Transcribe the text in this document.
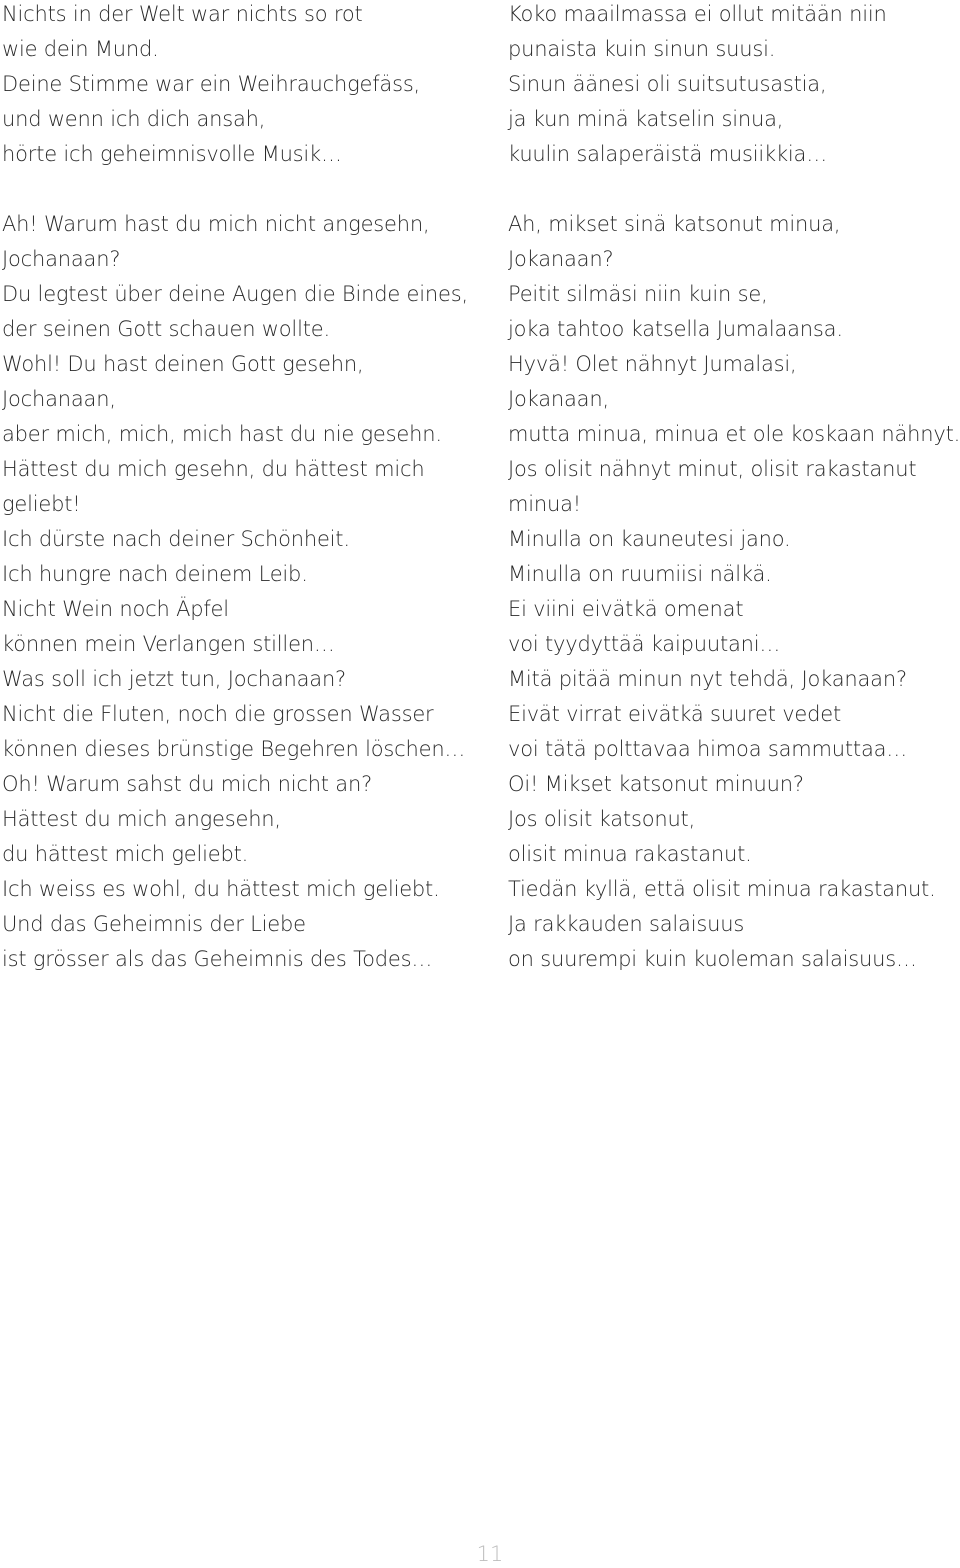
Nichts in der Welt war nichts so rot
wie dein Mund.
Deine Stimme war ein Weihrauchgefäss,
und wenn ich dich ansah,
hörte ich geheimnisvolle Musik…
Ah! Warum hast du mich nicht angesehn,
Jochanaan?
Du legtest über deine Augen die Binde eines,
der seinen Gott schauen wollte.
Wohl! Du hast deinen Gott gesehn,
Jochanaan,
aber mich, mich, mich hast du nie gesehn.
Hättest du mich gesehn, du hättest mich
geliebt!
Ich dürste nach deiner Schönheit.
Ich hungre nach deinem Leib.
Nicht Wein noch Äpfel
können mein Verlangen stillen…
Was soll ich jetzt tun, Jochanaan?
Nicht die Fluten, noch die grossen Wasser
können dieses brünstige Begehren löschen…
Oh! Warum sahst du mich nicht an?
Hättest du mich angesehn,
du hättest mich geliebt.
Ich weiss es wohl, du hättest mich geliebt.
Und das Geheimnis der Liebe
ist grösser als das Geheimnis des Todes…
Koko maailmassa ei ollut mitään niin
punaista kuin sinun suusi.
Sinun äänesi oli suitsutusastia,
ja kun minä katselin sinua,
kuulin salaperäistä musiikkia…
Ah, mikset sinä katsonut minua,
Jokanaan?
Peitit silmäsi niin kuin se,
joka tahtoo katsella Jumalaansa.
Hyvä! Olet nähnyt Jumalasi,
Jokanaan,
mutta minua, minua et ole koskaan nähnyt.
Jos olisit nähnyt minut, olisit rakastanut
minua!
Minulla on kauneutesi jano.
Minulla on ruumiisi nälkä.
Ei viini eivätkä omenat
voi tyydyttää kaipuutani…
Mitä pitää minun nyt tehdä, Jokanaan?
Eivät virrat eivätkä suuret vedet
voi tätä polttavaa himoa sammuttaa…
Oi! Mikset katsonut minuun?
Jos olisit katsonut,
olisit minua rakastanut.
Tiedän kyllä, että olisit minua rakastanut.
Ja rakkauden salaisuus
on suurempi kuin kuoleman salaisuus…
11
